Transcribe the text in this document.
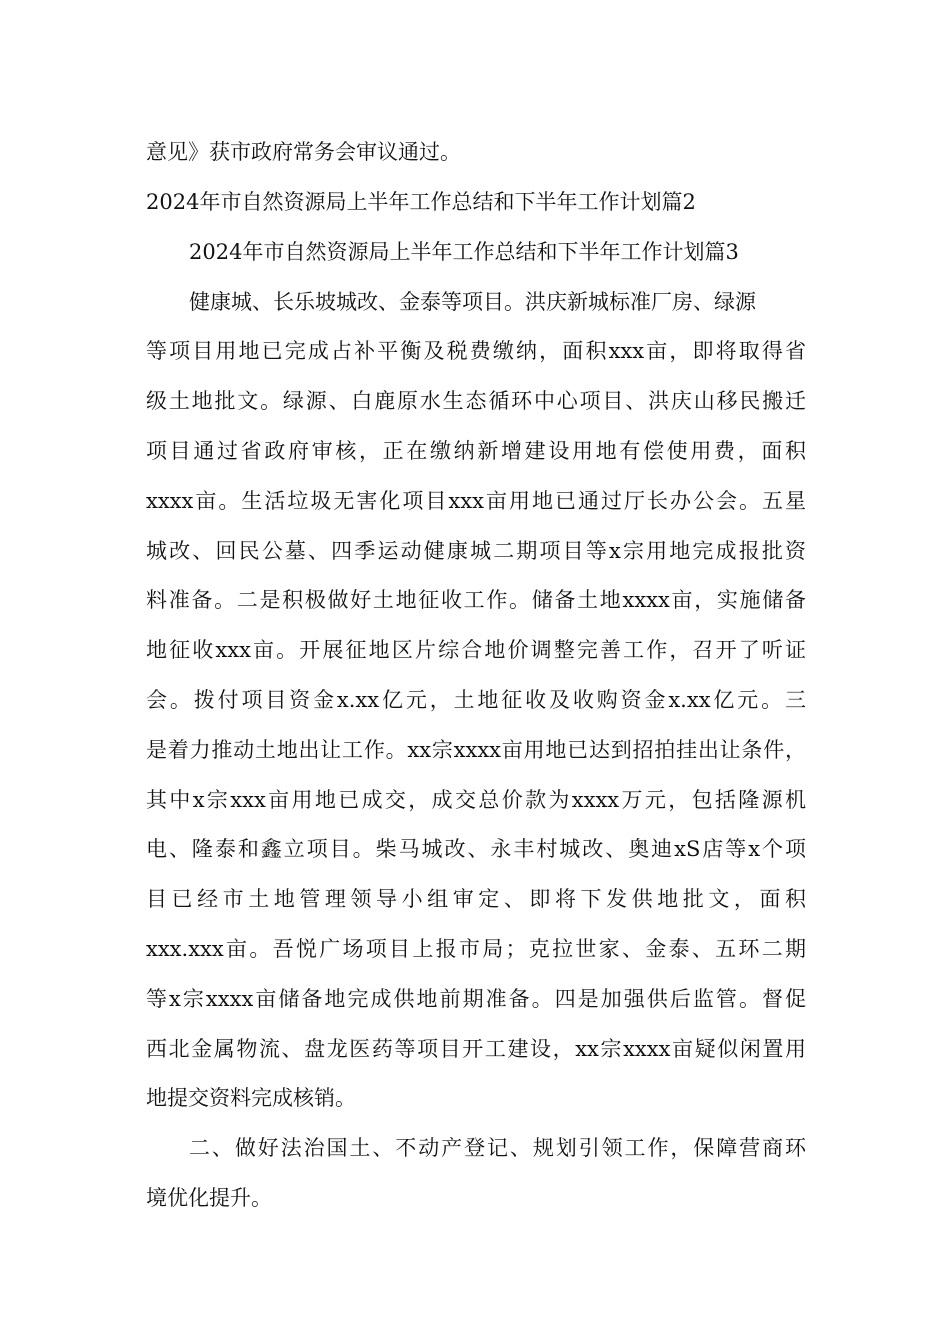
意见》获市政府常务会审议通过。
2024年市自然资源局上半年工作总结和下半年工作计划篇2
2024年市自然资源局上半年工作总结和下半年工作计划篇3
健康城、长乐坡城改、金泰等项目。洪庆新城标准厂房、绿源
等项目用地已完成占补平衡及税费缴纳，面积xxx亩，即将取得省
级土地批文。绿源、白鹿原水生态循环中心项目、洪庆山移民搬迁
项目通过省政府审核，正在缴纳新增建设用地有偿使用费，面积
xxxx亩。生活垃圾无害化项目xxx亩用地已通过厅长办公会。五星
城改、回民公墓、四季运动健康城二期项目等x宗用地完成报批资
料准备。二是积极做好土地征收工作。储备土地xxxx亩，实施储备
地征收xxx亩。开展征地区片综合地价调整完善工作，召开了听证
会。拨付项目资金x.xx亿元，土地征收及收购资金x.xx亿元。三
是着力推动土地出让工作。xx宗xxxx亩用地已达到招拍挂出让条件，
其中x宗xxx亩用地已成交，成交总价款为xxxx万元，包括隆源机
电、隆泰和鑫立项目。柴马城改、永丰村城改、奥迪xS店等x个项
目已经市土地管理领导小组审定、即将下发供地批文，面积
xxx.xxx亩。吾悦广场项目上报市局；克拉世家、金泰、五环二期
等x宗xxxx亩储备地完成供地前期准备。四是加强供后监管。督促
西北金属物流、盘龙医药等项目开工建设，xx宗xxxx亩疑似闲置用
地提交资料完成核销。
二、做好法治国土、不动产登记、规划引领工作，保障营商环
境优化提升。
